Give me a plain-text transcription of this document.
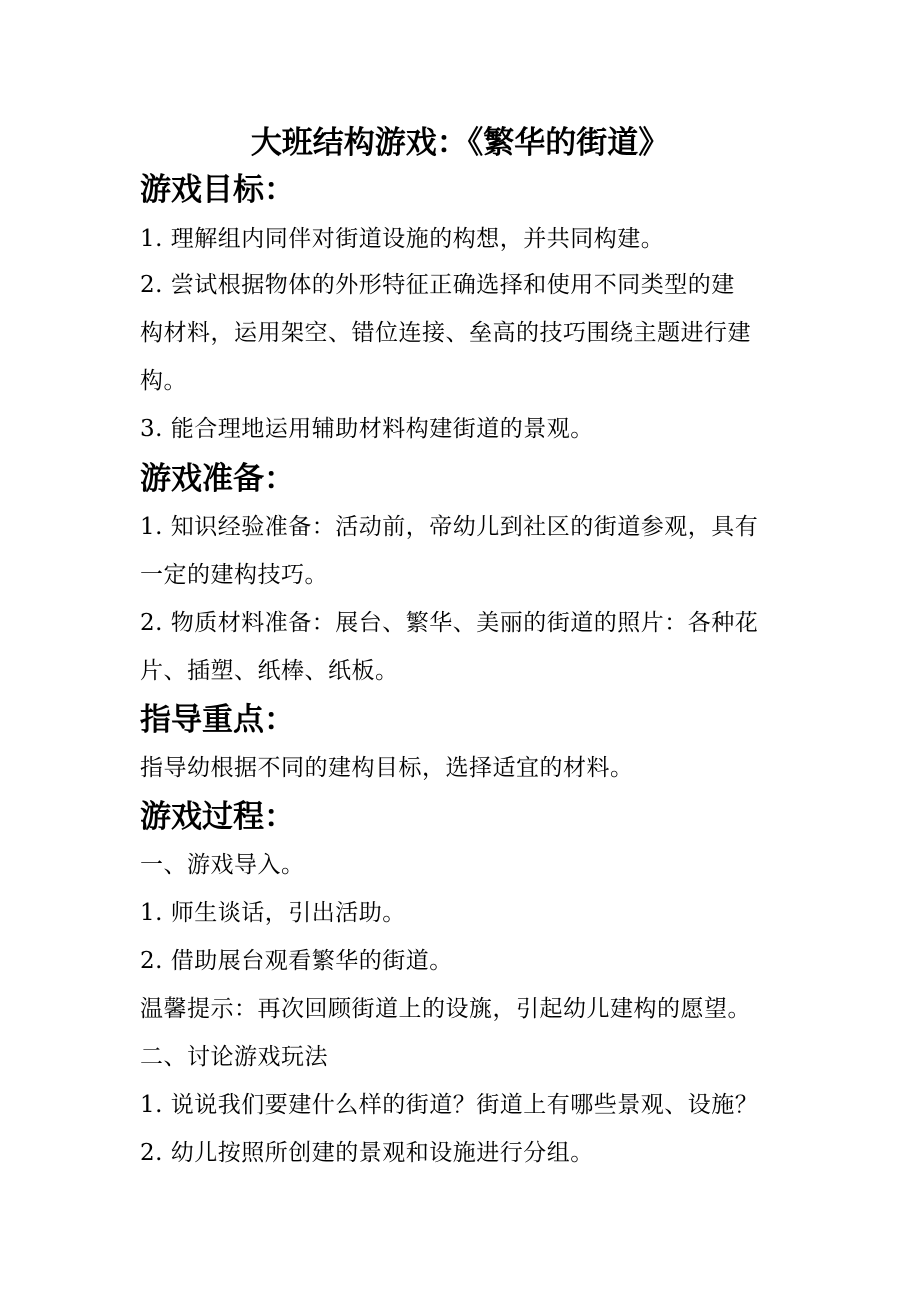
大班结构游戏：《繁华的街道》
游戏目标：
1. 理解组内同伴对街道设施的构想，并共同构建。
2. 尝试根据物体的外形特征正确选择和使用不同类型的建
构材料，运用架空、错位连接、垒高的技巧围绕主题进行建
构。
3. 能合理地运用辅助材料构建街道的景观。
游戏准备：
1. 知识经验准备：活动前，帝幼儿到社区的街道参观，具有
一定的建构技巧。
2. 物质材料准备：展台、繁华、美丽的街道的照片：各种花
片、插塑、纸棒、纸板。
指导重点：
指导幼根据不同的建构目标，选择适宜的材料。
游戏过程：
一、游戏导入。
1. 师生谈话，引出活助。
2. 借助展台观看繁华的街道。
温馨提示：再次回顾街道上的设旐，引起幼儿建构的愿望。
二、讨论游戏玩法
1. 说说我们要建什么样的街道？街道上有哪些景观、设施？
2. 幼儿按照所创建的景观和设施进行分组。
